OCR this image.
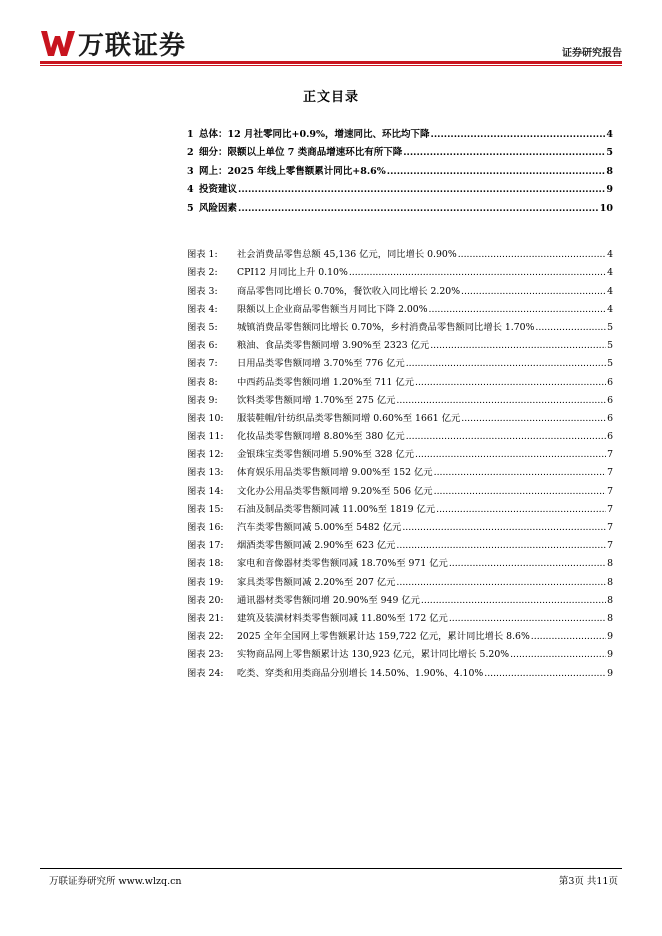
万联证券	证券研究报告
正文目录
1 总体：12 月社零同比+0.9%，增速同比、环比均下降 .....	4
2 细分：限额以上单位 7 类商品增速环比有所下降 .....	5
3 网上：2025 年线上零售额累计同比+8.6% .....	8
4 投资建议 .....	9
5 风险因素 .....	10
图表 1:	社会消费品零售总额 45,136 亿元，同比增长 0.90% .....	4
图表 2:	CPI12 月同比上升 0.10% .....	4
图表 3:	商品零售同比增长 0.70%，餐饮收入同比增长 2.20% .....	4
图表 4:	限额以上企业商品零售额当月同比下降 2.00% .....	4
图表 5:	城镇消费品零售额同比增长 0.70%，乡村消费品零售额同比增长 1.70% .....	5
图表 6:	粮油、食品类零售额同增 3.90%至 2323 亿元 .....	5
图表 7:	日用品类零售额同增 3.70%至 776 亿元 .....	5
图表 8:	中西药品类零售额同增 1.20%至 711 亿元 .....	6
图表 9:	饮料类零售额同增 1.70%至 275 亿元 .....	6
图表 10:	服装鞋帽/针纺织品类零售额同增 0.60%至 1661 亿元 .....	6
图表 11:	化妆品类零售额同增 8.80%至 380 亿元 .....	6
图表 12:	金银珠宝类零售额同增 5.90%至 328 亿元 .....	7
图表 13:	体育娱乐用品类零售额同增 9.00%至 152 亿元 .....	7
图表 14:	文化办公用品类零售额同增 9.20%至 506 亿元 .....	7
图表 15:	石油及制品类零售额同减 11.00%至 1819 亿元 .....	7
图表 16:	汽车类零售额同减 5.00%至 5482 亿元 .....	7
图表 17:	烟酒类零售额同减 2.90%至 623 亿元 .....	7
图表 18:	家电和音像器材类零售额同减 18.70%至 971 亿元 .....	8
图表 19:	家具类零售额同减 2.20%至 207 亿元 .....	8
图表 20:	通讯器材类零售额同增 20.90%至 949 亿元 .....	8
图表 21:	建筑及装潢材料类零售额同减 11.80%至 172 亿元 .....	8
图表 22:	2025 全年全国网上零售额累计达 159,722 亿元，累计同比增长 8.6% .....	9
图表 23:	实物商品网上零售额累计达 130,923 亿元，累计同比增长 5.20% .....	9
图表 24:	吃类、穿类和用类商品分别增长 14.50%、1.90%、4.10% .....	9
万联证券研究所 www.wlzq.cn	第3页 共11页
